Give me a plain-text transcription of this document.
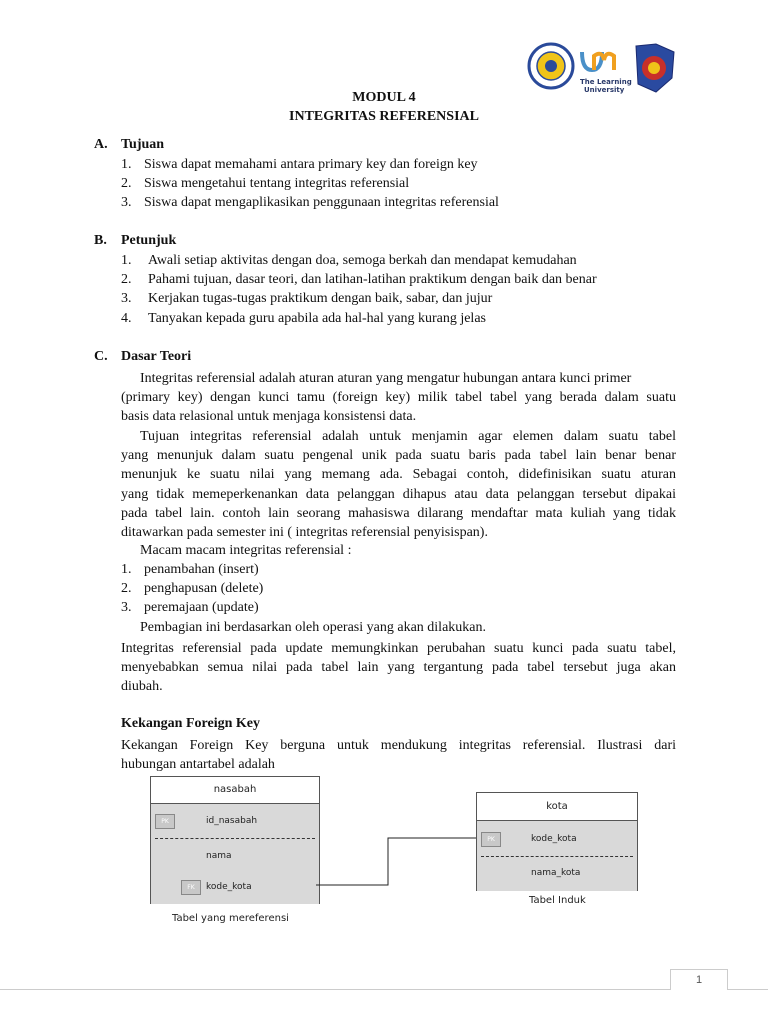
The Learning
University
MODUL 4
INTEGRITAS REFERENSIAL
A. Tujuan
1. Siswa dapat memahami antara primary key dan foreign key
2. Siswa mengetahui tentang integritas referensial
3. Siswa dapat mengaplikasikan penggunaan integritas referensial
B. Petunjuk
1. Awali setiap aktivitas dengan doa, semoga berkah dan mendapat kemudahan
2. Pahami tujuan, dasar teori, dan latihan-latihan praktikum dengan baik dan benar
3. Kerjakan tugas-tugas praktikum dengan baik, sabar, dan jujur
4. Tanyakan kepada guru apabila ada hal-hal yang kurang jelas
C. Dasar Teori
Integritas referensial adalah aturan aturan yang mengatur hubungan antara kunci primer
(primary key) dengan kunci tamu (foreign key) milik tabel tabel yang berada dalam suatu
basis data relasional untuk menjaga konsistensi data.
Tujuan integritas referensial adalah untuk menjamin agar elemen dalam suatu tabel
yang menunjuk dalam suatu pengenal unik pada suatu baris pada tabel lain benar benar
menunjuk ke suatu nilai yang memang ada. Sebagai contoh, didefinisikan suatu aturan
yang tidak memeperkenankan data pelanggan dihapus atau data pelanggan tersebut dipakai
pada tabel lain. contoh lain seorang mahasiswa dilarang mendaftar mata kuliah yang tidak
ditawarkan pada semester ini ( integritas referensial penyisispan).
Macam macam integritas referensial :
1. penambahan (insert)
2. penghapusan (delete)
3. peremajaan (update)
Pembagian ini berdasarkan oleh operasi yang akan dilakukan.
Integritas referensial pada update memungkinkan perubahan suatu kunci pada suatu tabel,
menyebabkan semua nilai pada tabel lain yang tergantung pada tabel tersebut juga akan
diubah.
Kekangan Foreign Key
Kekangan Foreign Key berguna untuk mendukung integritas referensial. Ilustrasi dari
hubungan antartabel adalah
nasabah
PK	id_nasabah
nama
FK	kode_kota
Tabel yang mereferensi
kota
PK	kode_kota
nama_kota
Tabel Induk
1
